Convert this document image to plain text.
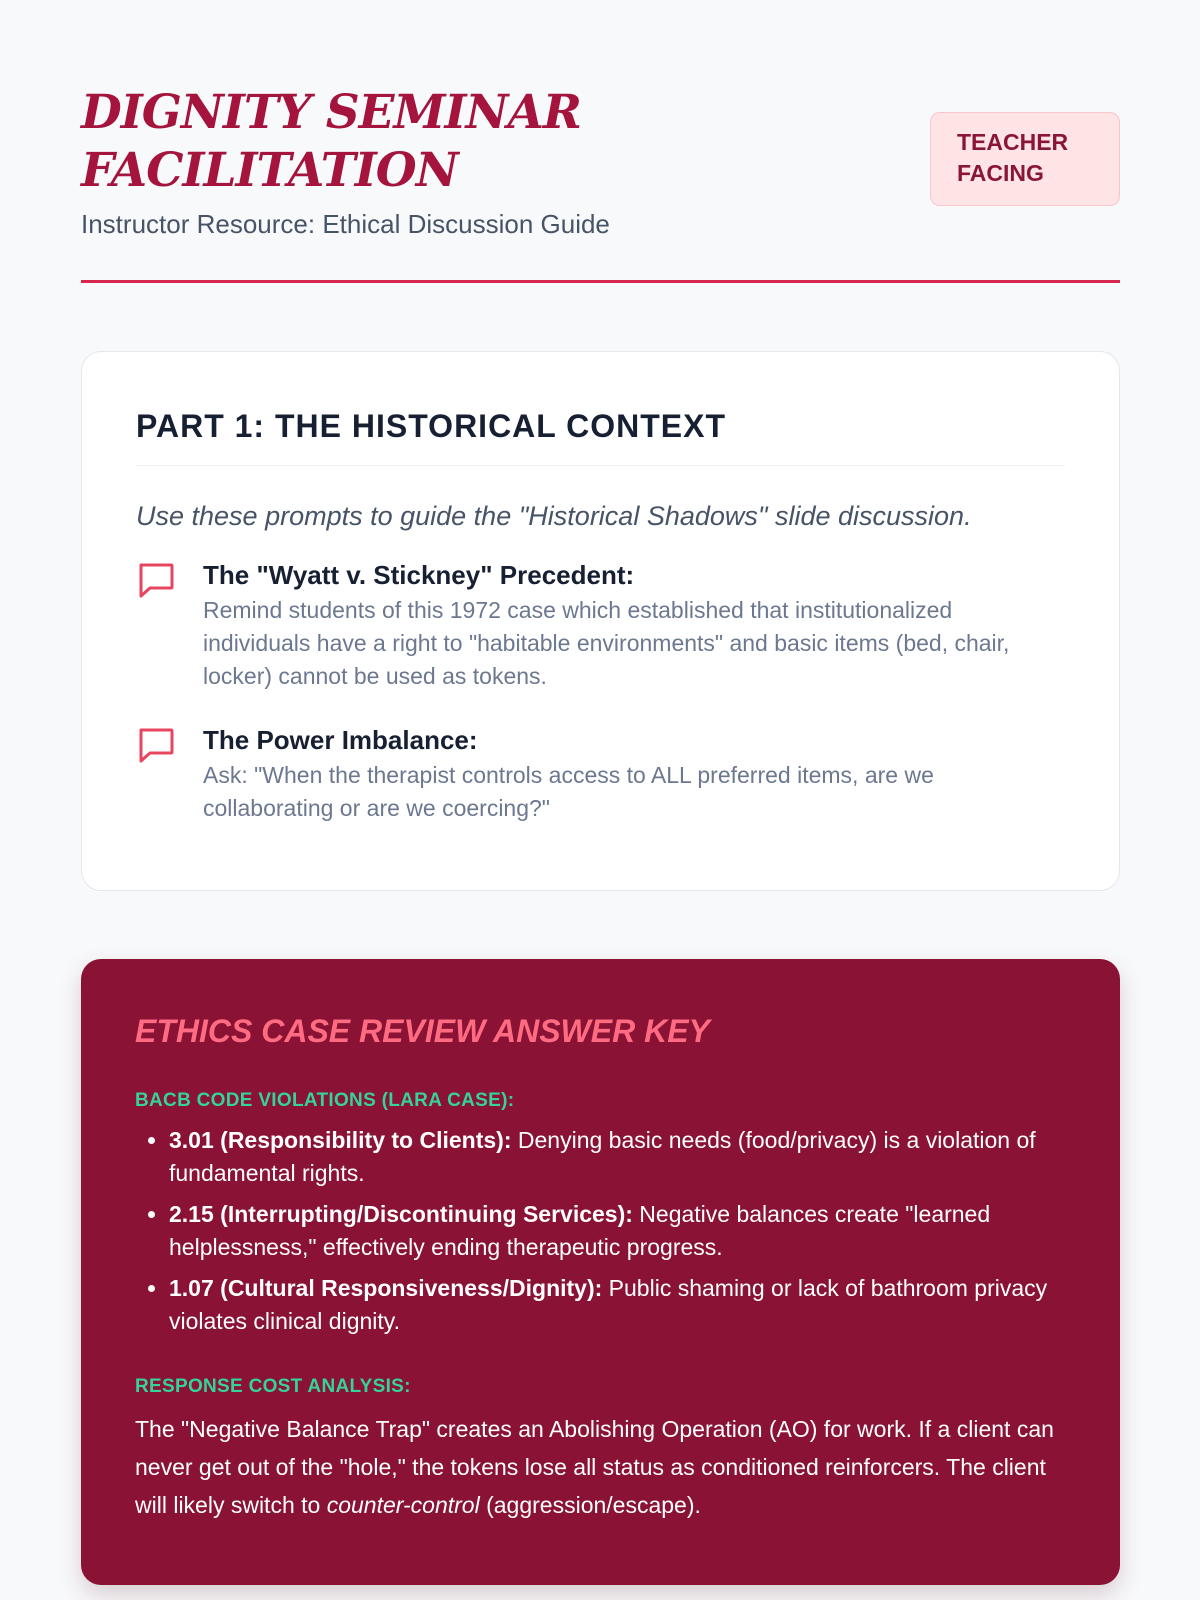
DIGNITY SEMINAR FACILITATION
Instructor Resource: Ethical Discussion Guide
TEACHER FACING
PART 1: THE HISTORICAL CONTEXT

Use these prompts to guide the "Historical Shadows" slide discussion.

The "Wyatt v. Stickney" Precedent:
Remind students of this 1972 case which established that institutionalized individuals have a right to "habitable environments" and basic items (bed, chair, locker) cannot be used as tokens.
The Power Imbalance:
Ask: "When the therapist controls access to ALL preferred items, are we collaborating or are we coercing?"
ETHICS CASE REVIEW ANSWER KEY
BACB CODE VIOLATIONS (LARA CASE):
• 3.01 (Responsibility to Clients): Denying basic needs (food/privacy) is a violation of fundamental rights.
• 2.15 (Interrupting/Discontinuing Services): Negative balances create "learned helplessness," effectively ending therapeutic progress.
• 1.07 (Cultural Responsiveness/Dignity): Public shaming or lack of bathroom privacy violates clinical dignity.
RESPONSE COST ANALYSIS:

The "Negative Balance Trap" creates an Abolishing Operation (AO) for work. If a client can never get out of the "hole," the tokens lose all status as conditioned reinforcers. The client will likely switch to counter-control (aggression/escape).
